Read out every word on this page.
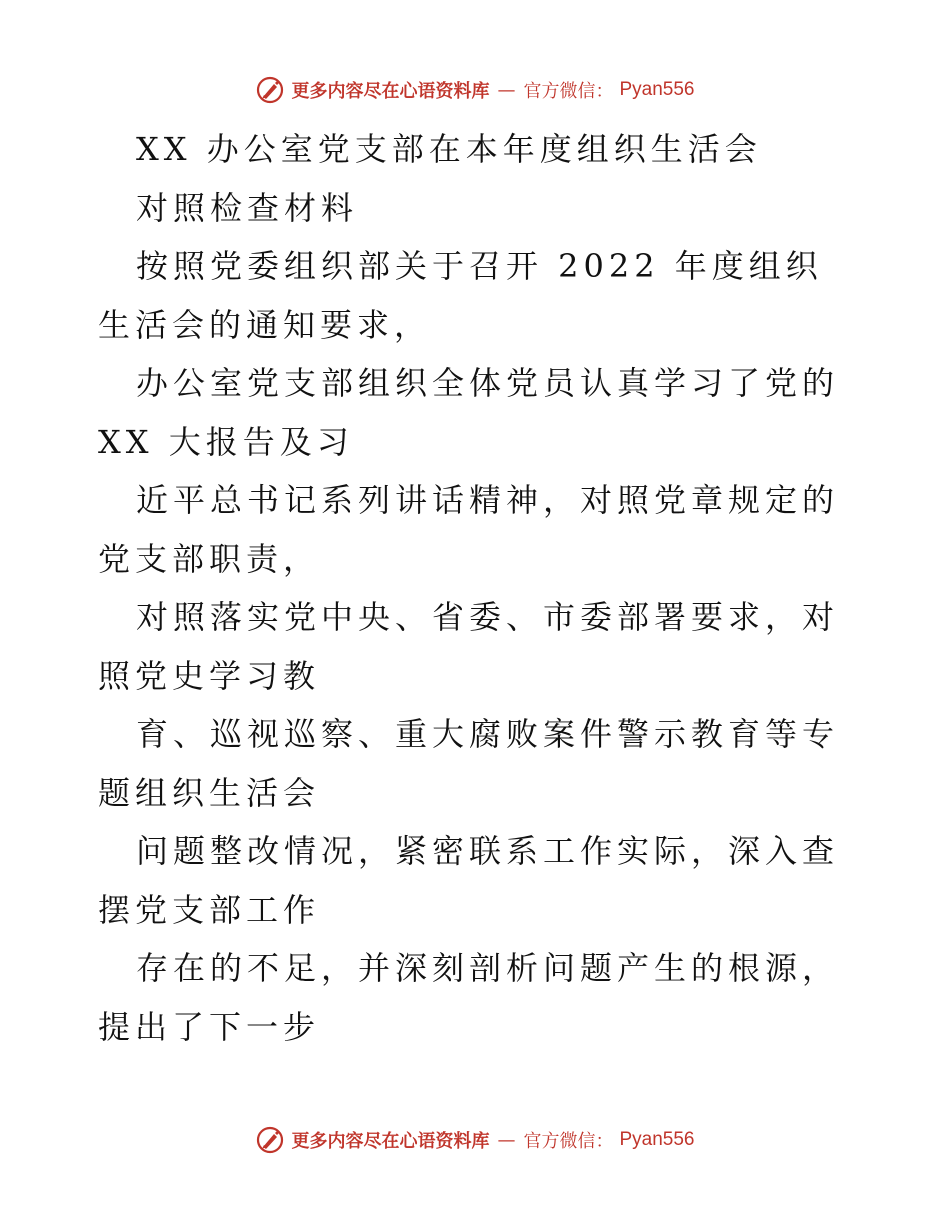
更多内容尽在心语资料库 — 官方微信： Pyan556

XX 办公室党支部在本年度组织生活会

对照检查材料

按照党委组织部关于召开 2022 年度组织生活会的通知要求，

办公室党支部组织全体党员认真学习了党的 XX 大报告及习

近平总书记系列讲话精神，对照党章规定的党支部职责，

对照落实党中央、省委、市委部署要求，对照党史学习教

育、巡视巡察、重大腐败案件警示教育等专题组织生活会

问题整改情况，紧密联系工作实际，深入查摆党支部工作

存在的不足，并深刻剖析问题产生的根源，提出了下一步

更多内容尽在心语资料库 — 官方微信： Pyan556
